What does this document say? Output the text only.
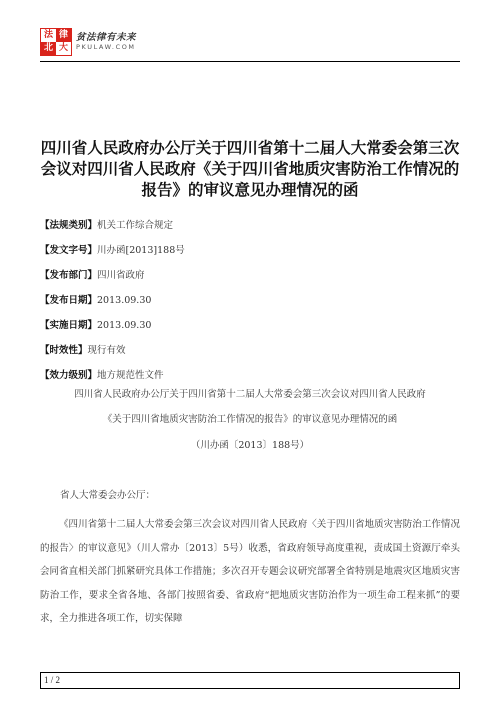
法 律
北 大
贫法律有未来
PKULAW.COM
四川省人民政府办公厅关于四川省第十二届人大常委会第三次会议对四川省人民政府《关于四川省地质灾害防治工作情况的报告》的审议意见办理情况的函
【法规类别】机关工作综合规定
【发文字号】川办函[2013]188号
【发布部门】四川省政府
【发布日期】2013.09.30
【实施日期】2013.09.30
【时效性】现行有效
【效力级别】地方规范性文件
四川省人民政府办公厅关于四川省第十二届人大常委会第三次会议对四川省人民政府
《关于四川省地质灾害防治工作情况的报告》的审议意见办理情况的函
（川办函〔2013〕188号）
省人大常委会办公厅：

《四川省第十二届人大常委会第三次会议对四川省人民政府〈关于四川省地质灾害防治工作情况的报告〉的审议意见》（川人常办〔2013〕5号）收悉，省政府领导高度重视，责成国土资源厅牵头会同省直相关部门抓紧研究具体工作措施；多次召开专题会议研究部署全省特别是地震灾区地质灾害防治工作，要求全省各地、各部门按照省委、省政府“把地质灾害防治作为一项生命工程来抓”的要求，全力推进各项工作，切实保障

1 / 2
